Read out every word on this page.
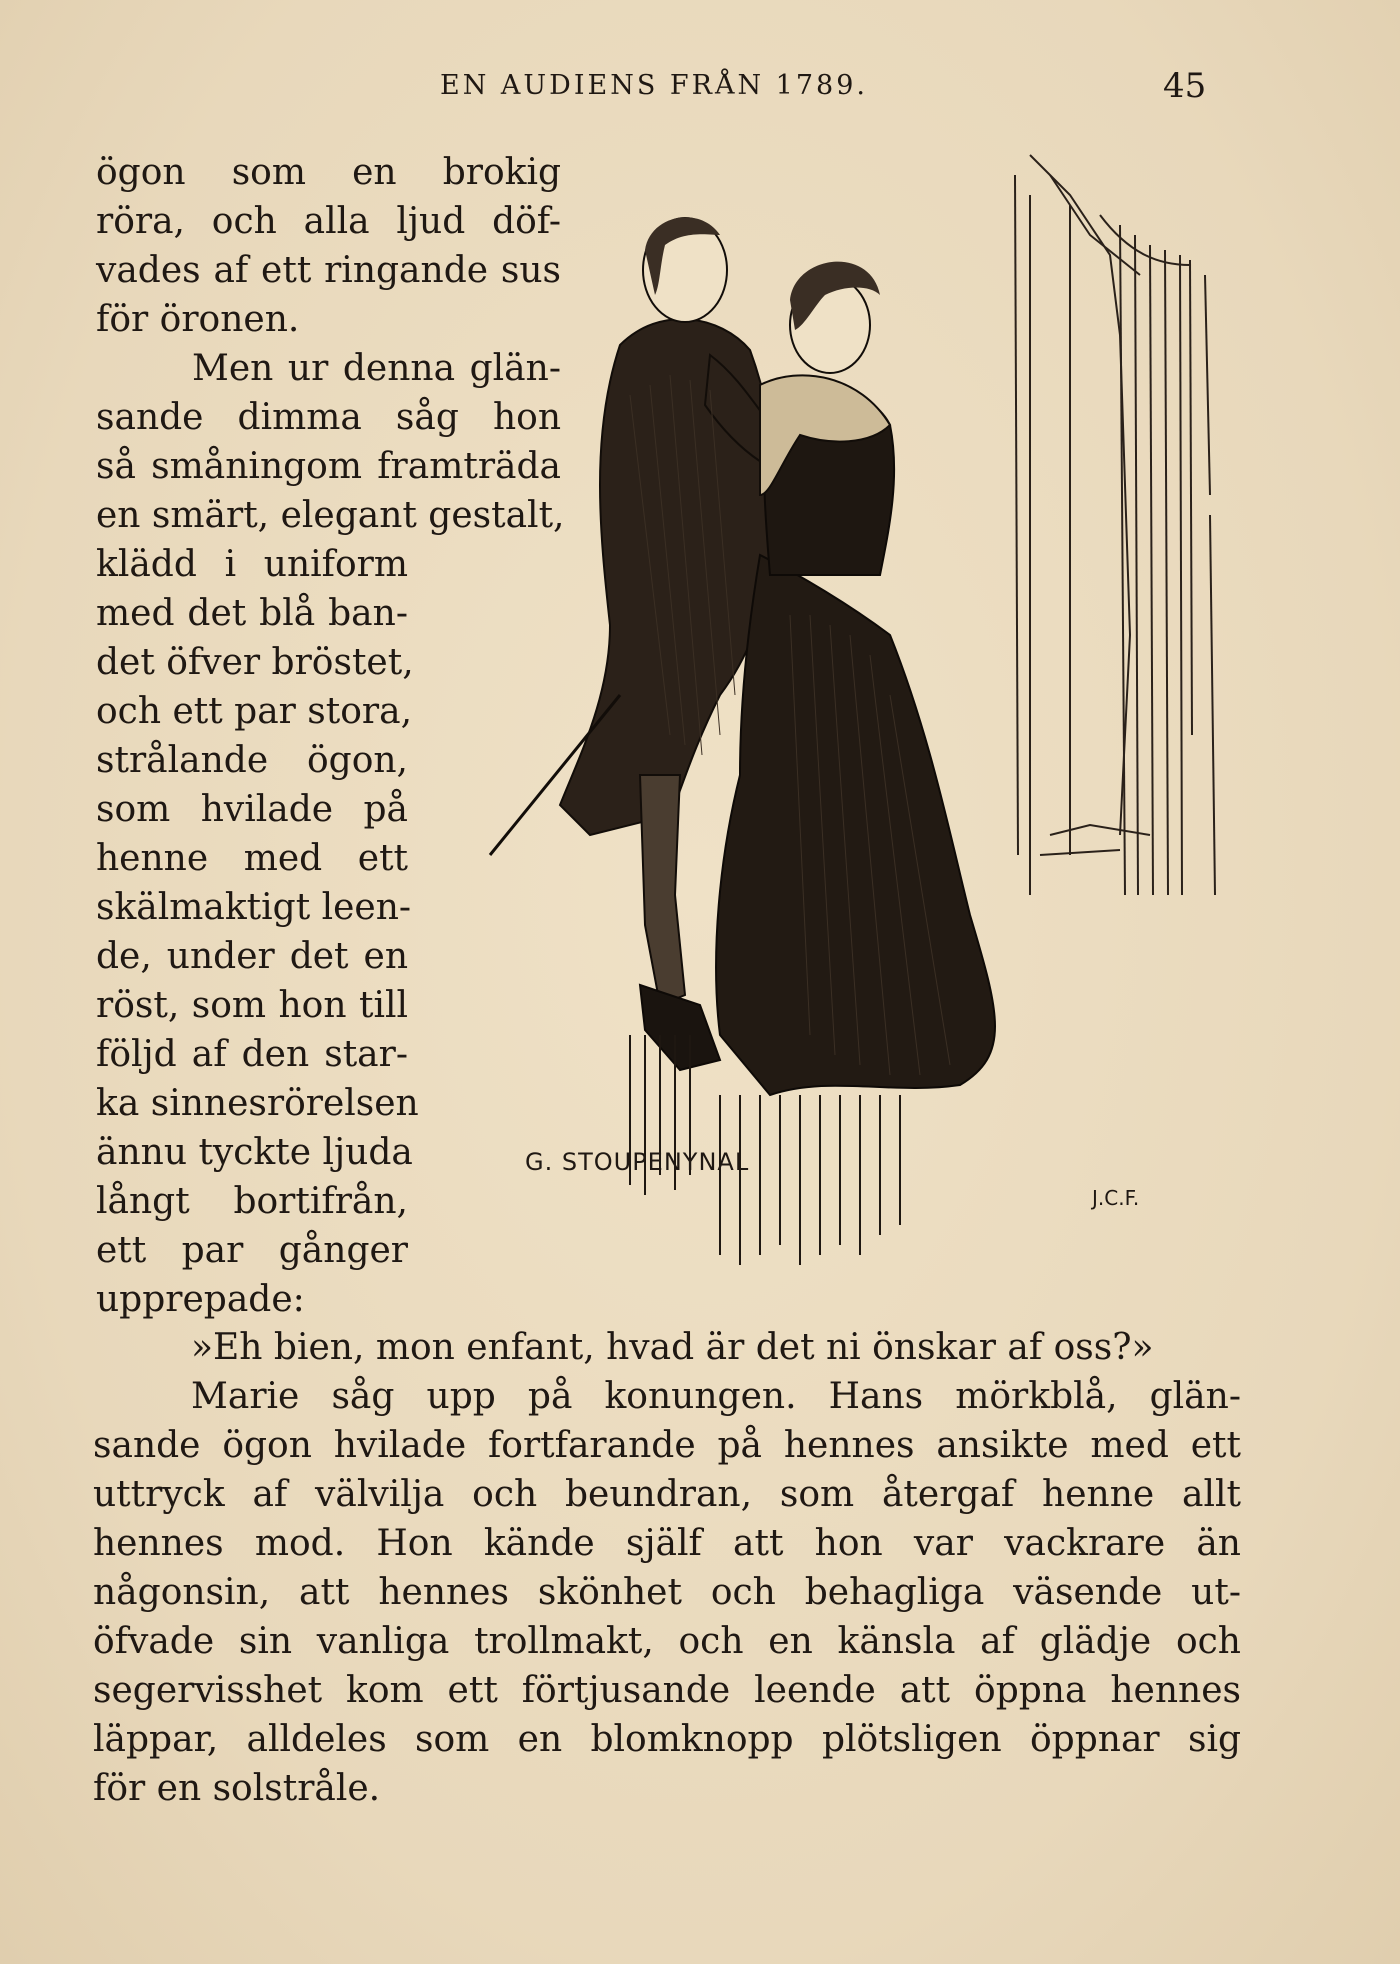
EN AUDIENS FRÅN 1789.	45
ögon som en brokig
röra, och alla ljud döf-
vades af ett ringande sus
för öronen.
Men ur denna glän-
sande dimma såg hon
så småningom framträda
en smärt, elegant gestalt,
klädd i uniform
med det blå ban-
det öfver bröstet,
och ett par stora,
strålande ögon,
som hvilade på
henne med ett
skälmaktigt leen-
de, under det en
röst, som hon till
följd af den star-
ka sinnesrörelsen
ännu tyckte ljuda
långt bortifrån,
ett par gånger
upprepade:
G. STOUPENYNAL
J.C.F.
»Eh bien, mon enfant, hvad är det ni önskar af oss?»
Marie såg upp på konungen. Hans mörkblå, glän-
sande ögon hvilade fortfarande på hennes ansikte med ett
uttryck af välvilja och beundran, som återgaf henne allt
hennes mod. Hon kände själf att hon var vackrare än
någonsin, att hennes skönhet och behagliga väsende ut-
öfvade sin vanliga trollmakt, och en känsla af glädje och
segervisshet kom ett förtjusande leende att öppna hennes
läppar, alldeles som en blomknopp plötsligen öppnar sig
för en solstråle.
